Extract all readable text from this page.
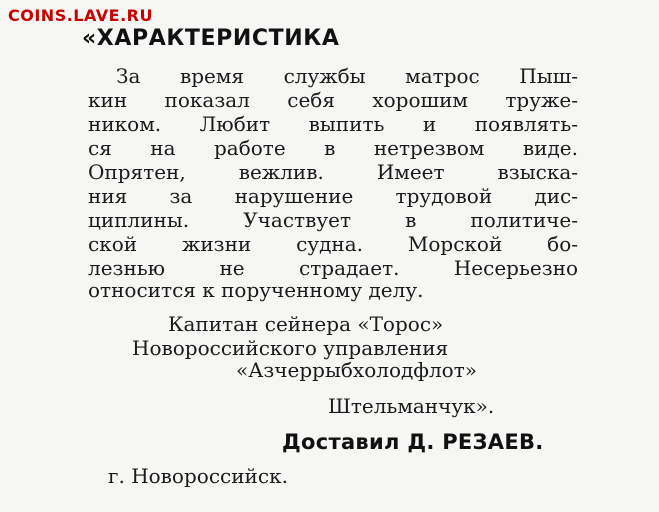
COINS.LAVE.RU
«ХАРАКТЕРИСТИКА
За время службы матрос Пыш-
кин показал себя хорошим труже-
ником. Любит выпить и появлять-
ся на работе в нетрезвом виде.
Опрятен, вежлив. Имеет взыска-
ния за нарушение трудовой дис-
циплины. Участвует в политиче-
ской жизни судна. Морской бо-
лезнью не страдает. Несерьезно
относится к порученному делу.
Капитан сейнера «Торос»
Новороссийского управления
«Азчеррыбхолодфлот»
Штельманчук».
Доставил Д. РЕЗАЕВ.
г. Новороссийск.
